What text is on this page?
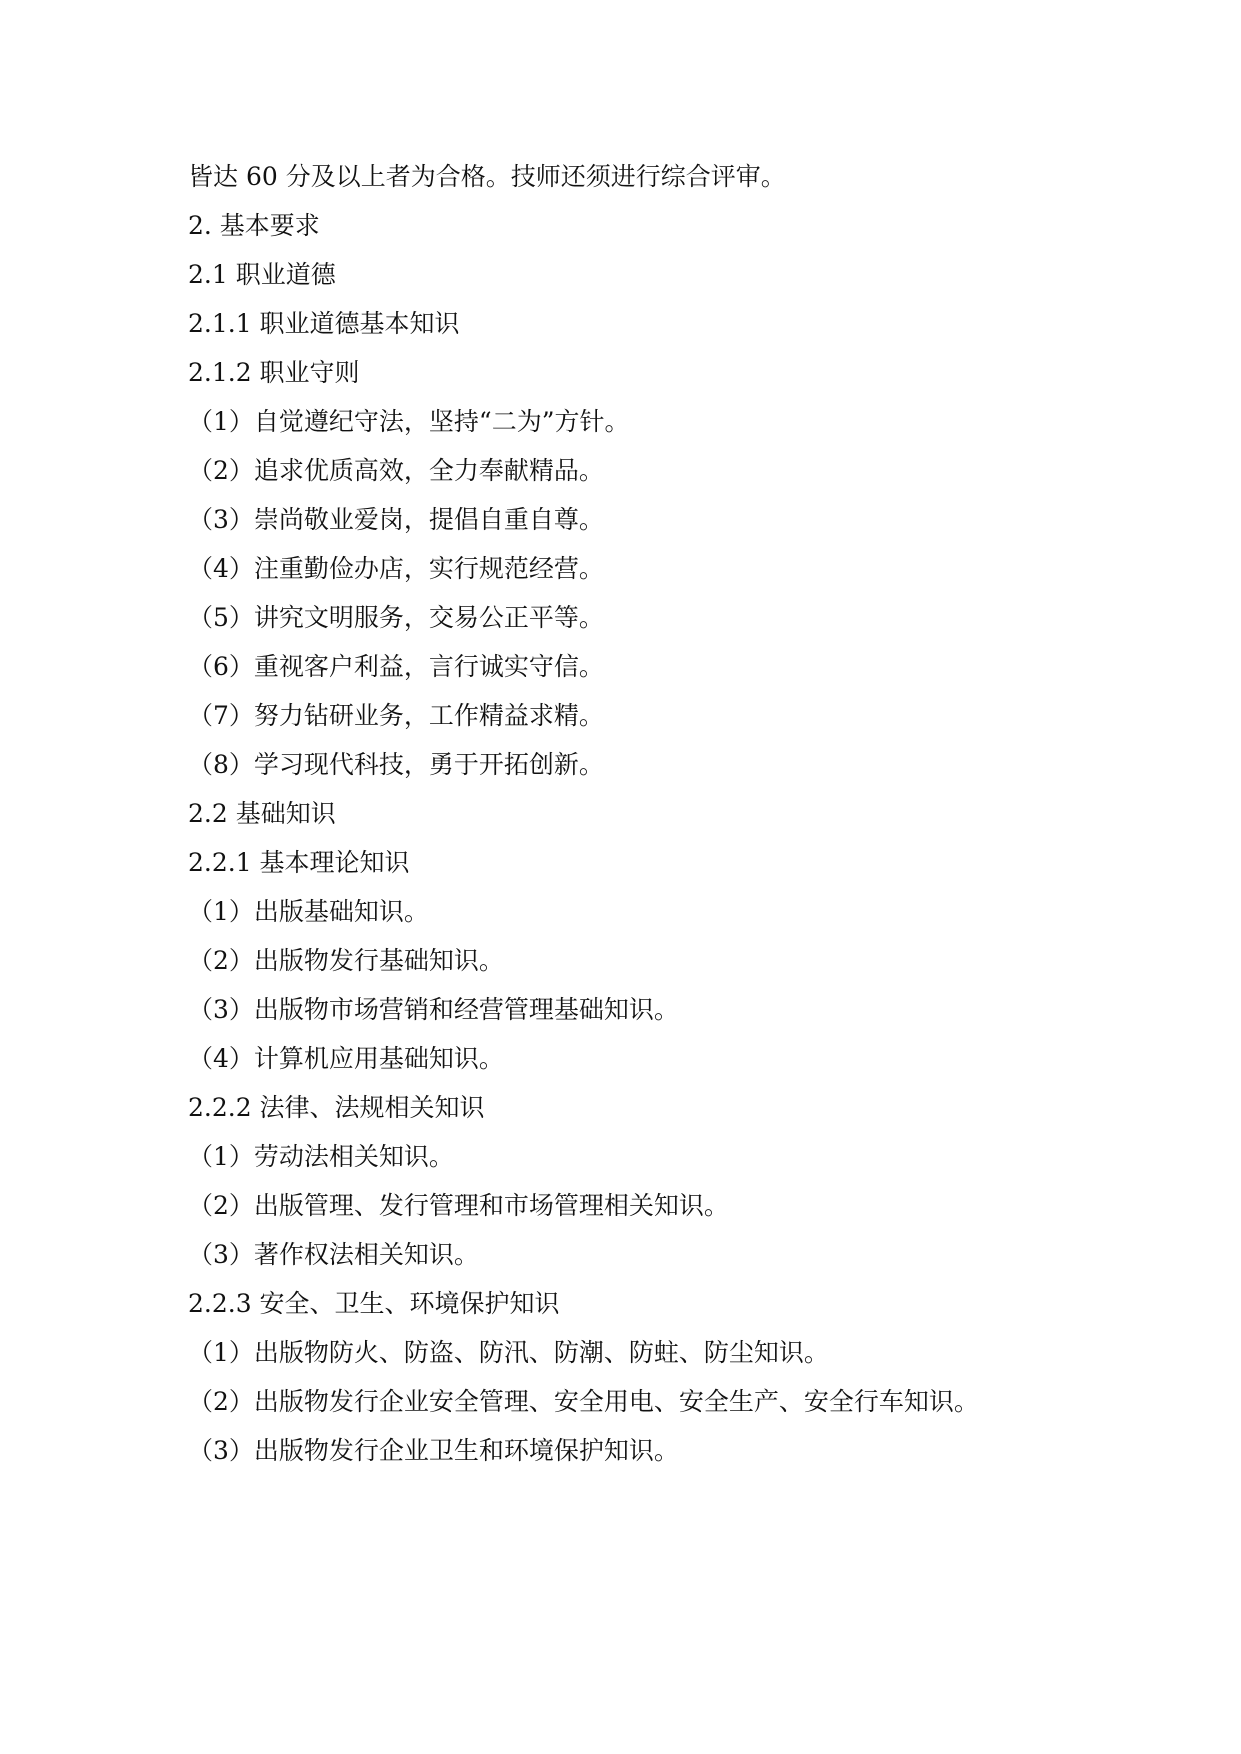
皆达 60 分及以上者为合格。技师还须进行综合评审。
2. 基本要求
2.1 职业道德
2.1.1 职业道德基本知识
2.1.2 职业守则
（1）自觉遵纪守法，坚持“二为”方针。
（2）追求优质高效，全力奉献精品。
（3）崇尚敬业爱岗，提倡自重自尊。
（4）注重勤俭办店，实行规范经营。
（5）讲究文明服务，交易公正平等。
（6）重视客户利益，言行诚实守信。
（7）努力钻研业务，工作精益求精。
（8）学习现代科技，勇于开拓创新。
2.2 基础知识
2.2.1 基本理论知识
（1）出版基础知识。
（2）出版物发行基础知识。
（3）出版物市场营销和经营管理基础知识。
（4）计算机应用基础知识。
2.2.2 法律、法规相关知识
（1）劳动法相关知识。
（2）出版管理、发行管理和市场管理相关知识。
（3）著作权法相关知识。
2.2.3 安全、卫生、环境保护知识
（1）出版物防火、防盗、防汛、防潮、防蛀、防尘知识。
（2）出版物发行企业安全管理、安全用电、安全生产、安全行车知识。
（3）出版物发行企业卫生和环境保护知识。
